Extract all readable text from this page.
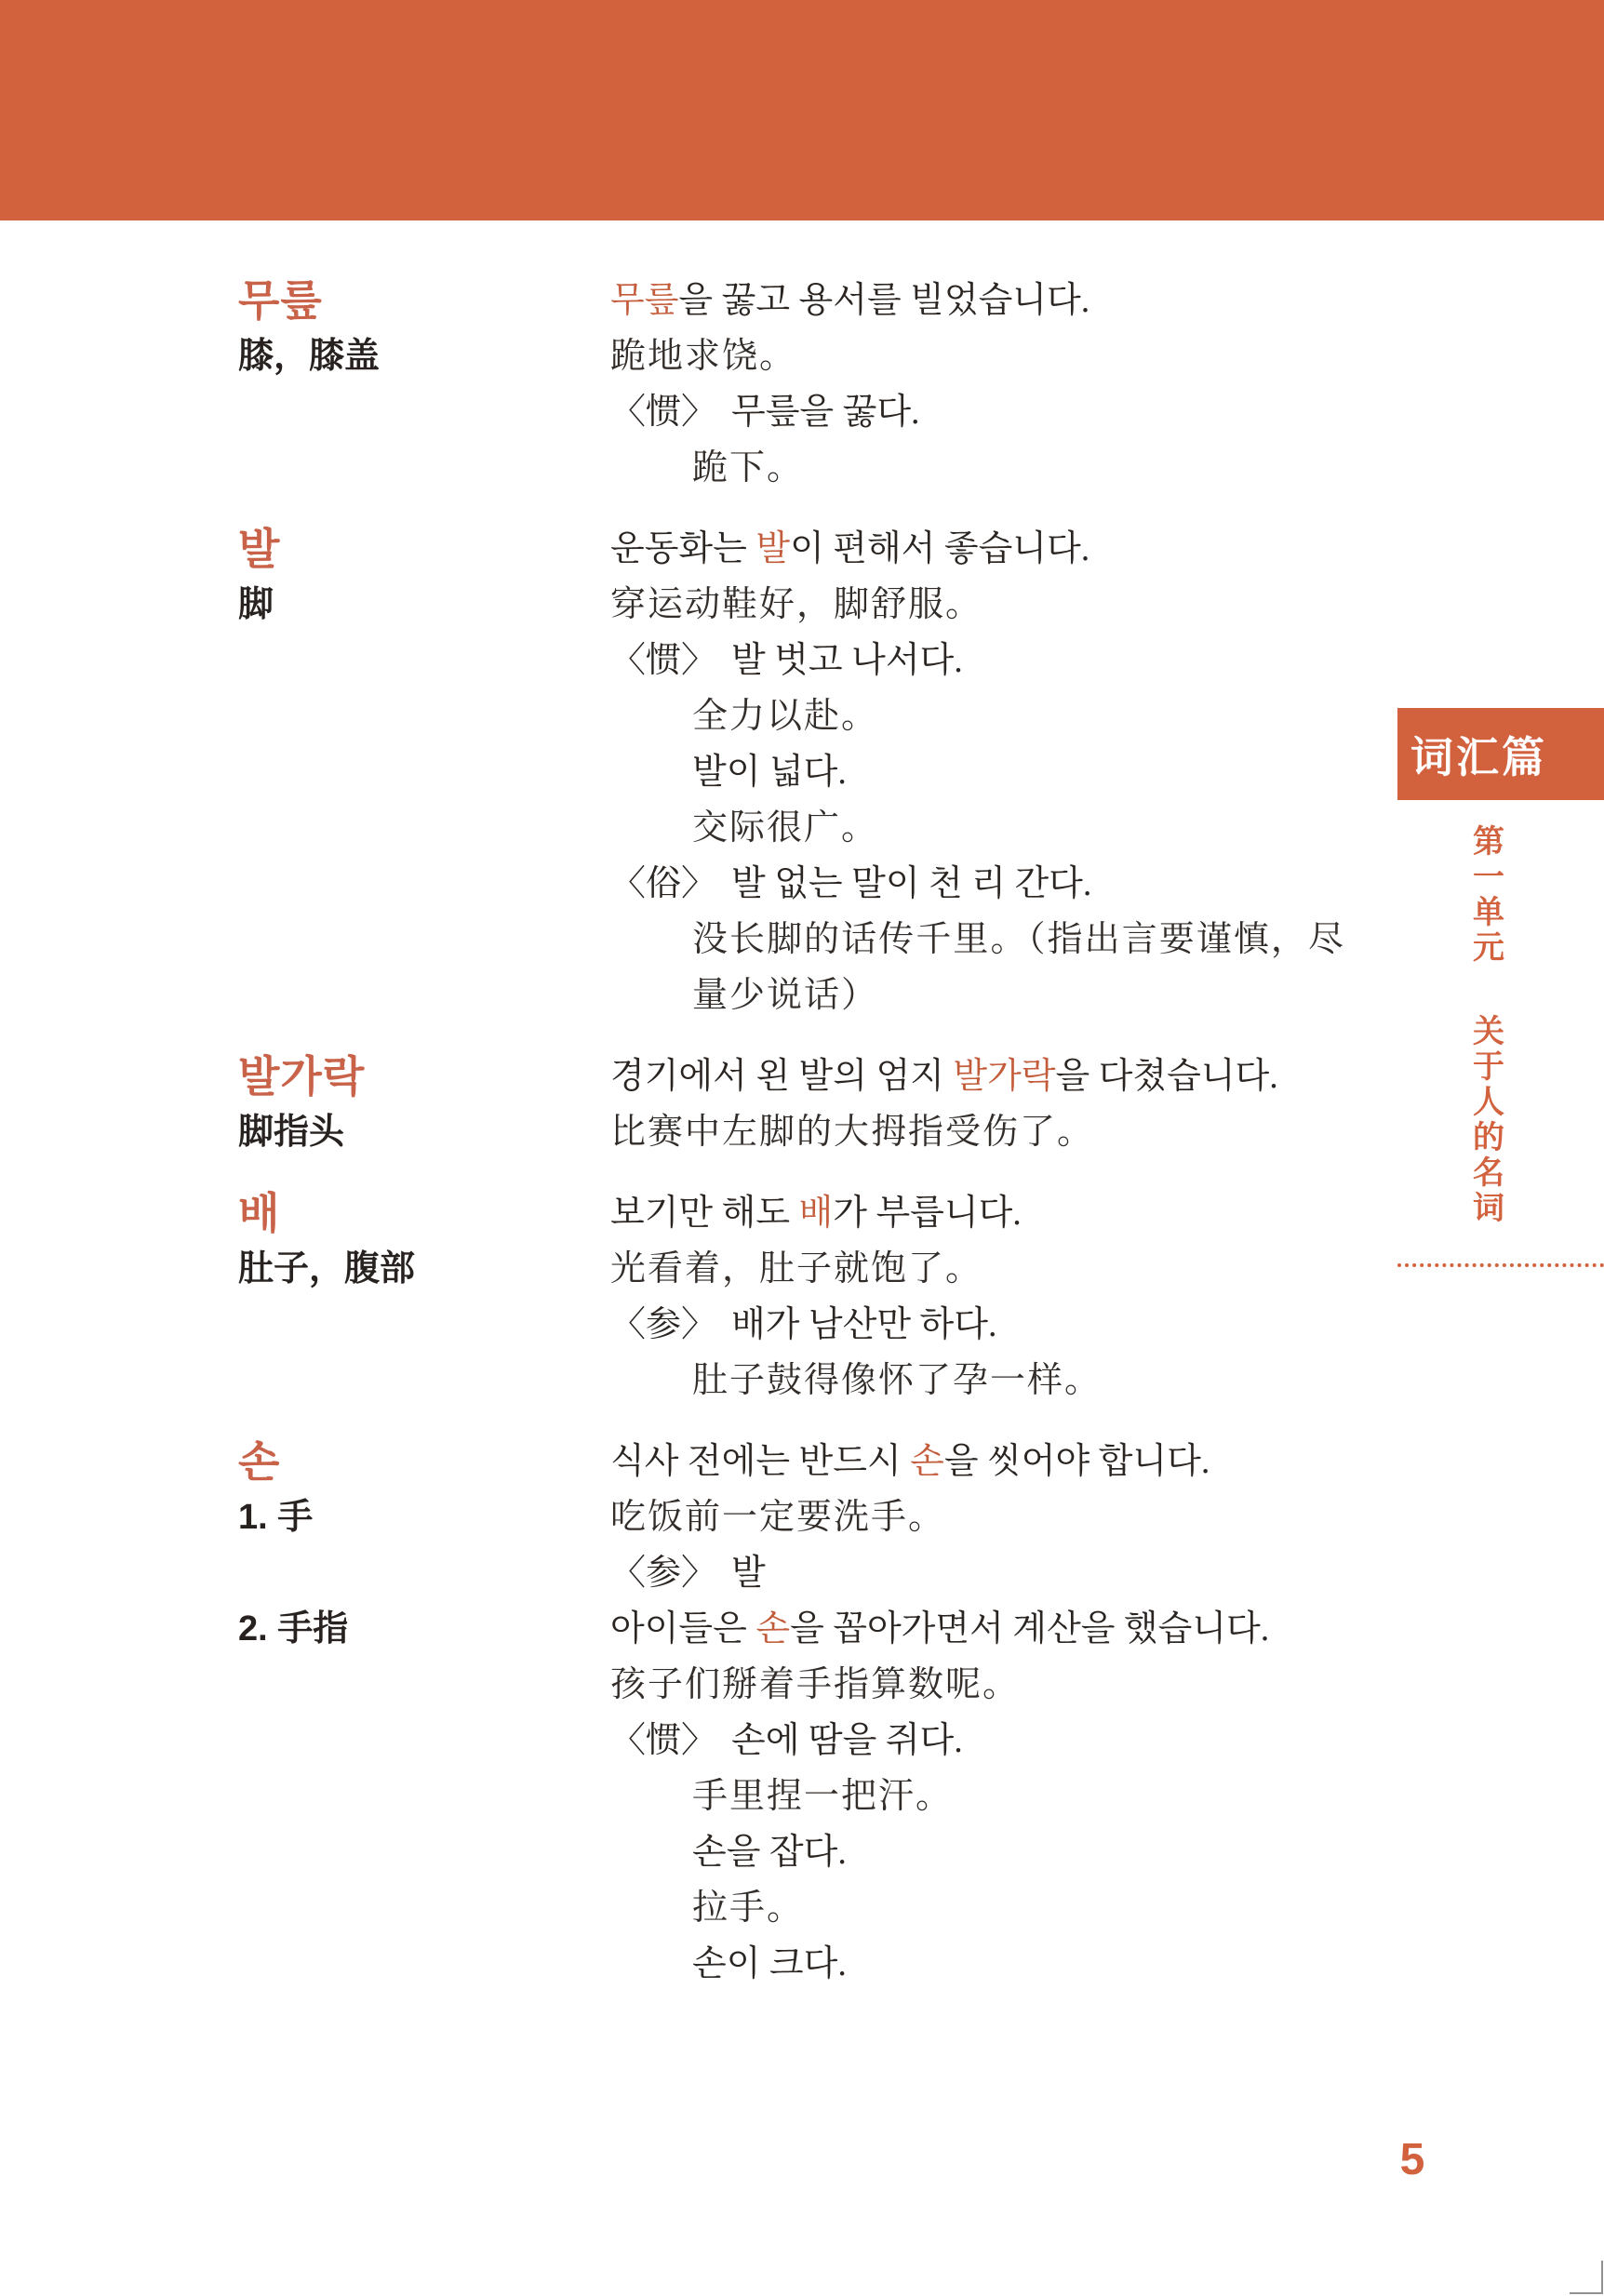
무릎
膝，膝盖
무릎을 꿇고 용서를 빌었습니다.
跪地求饶。
〈惯〉 무릎을 꿇다.
跪下。
발
脚
운동화는 발이 편해서 좋습니다.
穿运动鞋好，脚舒服。
〈惯〉 발 벗고 나서다.
全力以赴。
발이 넓다.
交际很广。
〈俗〉 발 없는 말이 천 리 간다.
没长脚的话传千里。（指出言要谨慎，尽量少说话）
발가락
脚指头
경기에서 왼 발의 엄지 발가락을 다쳤습니다.
比赛中左脚的大拇指受伤了。
배
肚子，腹部
보기만 해도 배가 부릅니다.
光看着，肚子就饱了。
〈参〉 배가 남산만 하다.
肚子鼓得像怀了孕一样。
손
1. 手
2. 手指
식사 전에는 반드시 손을 씻어야 합니다.
吃饭前一定要洗手。
〈参〉 발
아이들은 손을 꼽아가면서 계산을 했습니다.
孩子们掰着手指算数呢。
〈惯〉 손에 땀을 쥐다.
手里捏一把汗。
손을 잡다.
拉手。
손이 크다.
词汇篇
第
一
单
元
关
于
人
的
名
词
5
